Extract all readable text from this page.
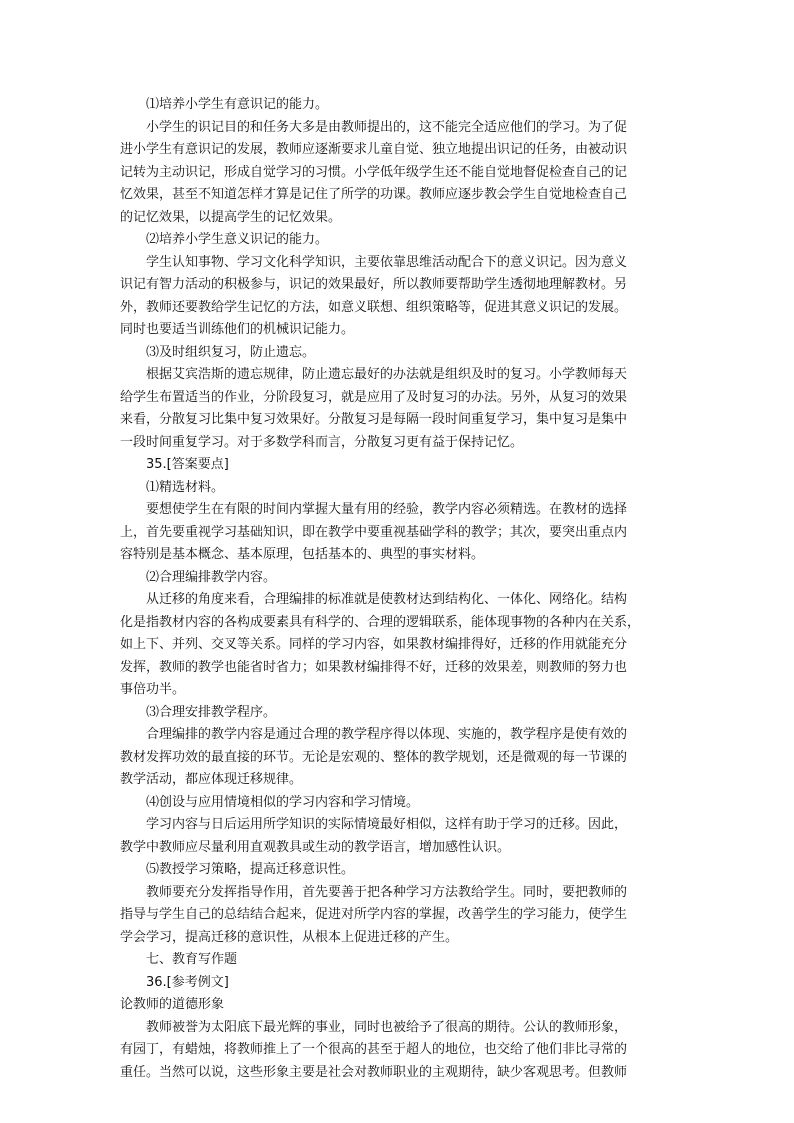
⑴培养小学生有意识记的能力。

小学生的识记目的和任务大多是由教师提出的，这不能完全适应他们的学习。为了促
进小学生有意识记的发展，教师应逐渐要求儿童自觉、独立地提出识记的任务，由被动识
记转为主动识记，形成自觉学习的习惯。小学低年级学生还不能自觉地督促检查自己的记
忆效果，甚至不知道怎样才算是记住了所学的功课。教师应逐步教会学生自觉地检查自己
的记忆效果，以提高学生的记忆效果。

⑵培养小学生意义识记的能力。

学生认知事物、学习文化科学知识，主要依靠思维活动配合下的意义识记。因为意义
识记有智力活动的积极参与，识记的效果最好，所以教师要帮助学生透彻地理解教材。另
外，教师还要教给学生记忆的方法，如意义联想、组织策略等，促进其意义识记的发展。
同时也要适当训练他们的机械识记能力。

⑶及时组织复习，防止遗忘。

根据艾宾浩斯的遗忘规律，防止遗忘最好的办法就是组织及时的复习。小学教师每天
给学生布置适当的作业，分阶段复习，就是应用了及时复习的办法。另外，从复习的效果
来看，分散复习比集中复习效果好。分散复习是每隔一段时间重复学习，集中复习是集中
一段时间重复学习。对于多数学科而言，分散复习更有益于保持记忆。

35.[答案要点]

⑴精选材料。

要想使学生在有限的时间内掌握大量有用的经验，教学内容必须精选。在教材的选择
上，首先要重视学习基础知识，即在教学中要重视基础学科的教学；其次，要突出重点内
容特别是基本概念、基本原理，包括基本的、典型的事实材料。

⑵合理编排教学内容。

从迁移的角度来看，合理编排的标准就是使教材达到结构化、一体化、网络化。结构
化是指教材内容的各构成要素具有科学的、合理的逻辑联系，能体现事物的各种内在关系，
如上下、并列、交叉等关系。同样的学习内容，如果教材编排得好，迁移的作用就能充分
发挥，教师的教学也能省时省力；如果教材编排得不好，迁移的效果差，则教师的努力也
事倍功半。

⑶合理安排教学程序。

合理编排的教学内容是通过合理的教学程序得以体现、实施的，教学程序是使有效的
教材发挥功效的最直接的环节。无论是宏观的、整体的教学规划，还是微观的每一节课的
教学活动，都应体现迁移规律。

⑷创设与应用情境相似的学习内容和学习情境。

学习内容与日后运用所学知识的实际情境最好相似，这样有助于学习的迁移。因此，
教学中教师应尽量利用直观教具或生动的教学语言，增加感性认识。

⑸教授学习策略，提高迁移意识性。

教师要充分发挥指导作用，首先要善于把各种学习方法教给学生。同时，要把教师的
指导与学生自己的总结结合起来，促进对所学内容的掌握，改善学生的学习能力，使学生
学会学习，提高迁移的意识性，从根本上促进迁移的产生。

七、教育写作题

36.[参考例文]

论教师的道德形象

教师被誉为太阳底下最光辉的事业，同时也被给予了很高的期待。公认的教师形象，
有园丁，有蜡烛，将教师推上了一个很高的甚至于超人的地位，也交给了他们非比寻常的
重任。当然可以说，这些形象主要是社会对教师职业的主观期待，缺少客观思考。但教师
